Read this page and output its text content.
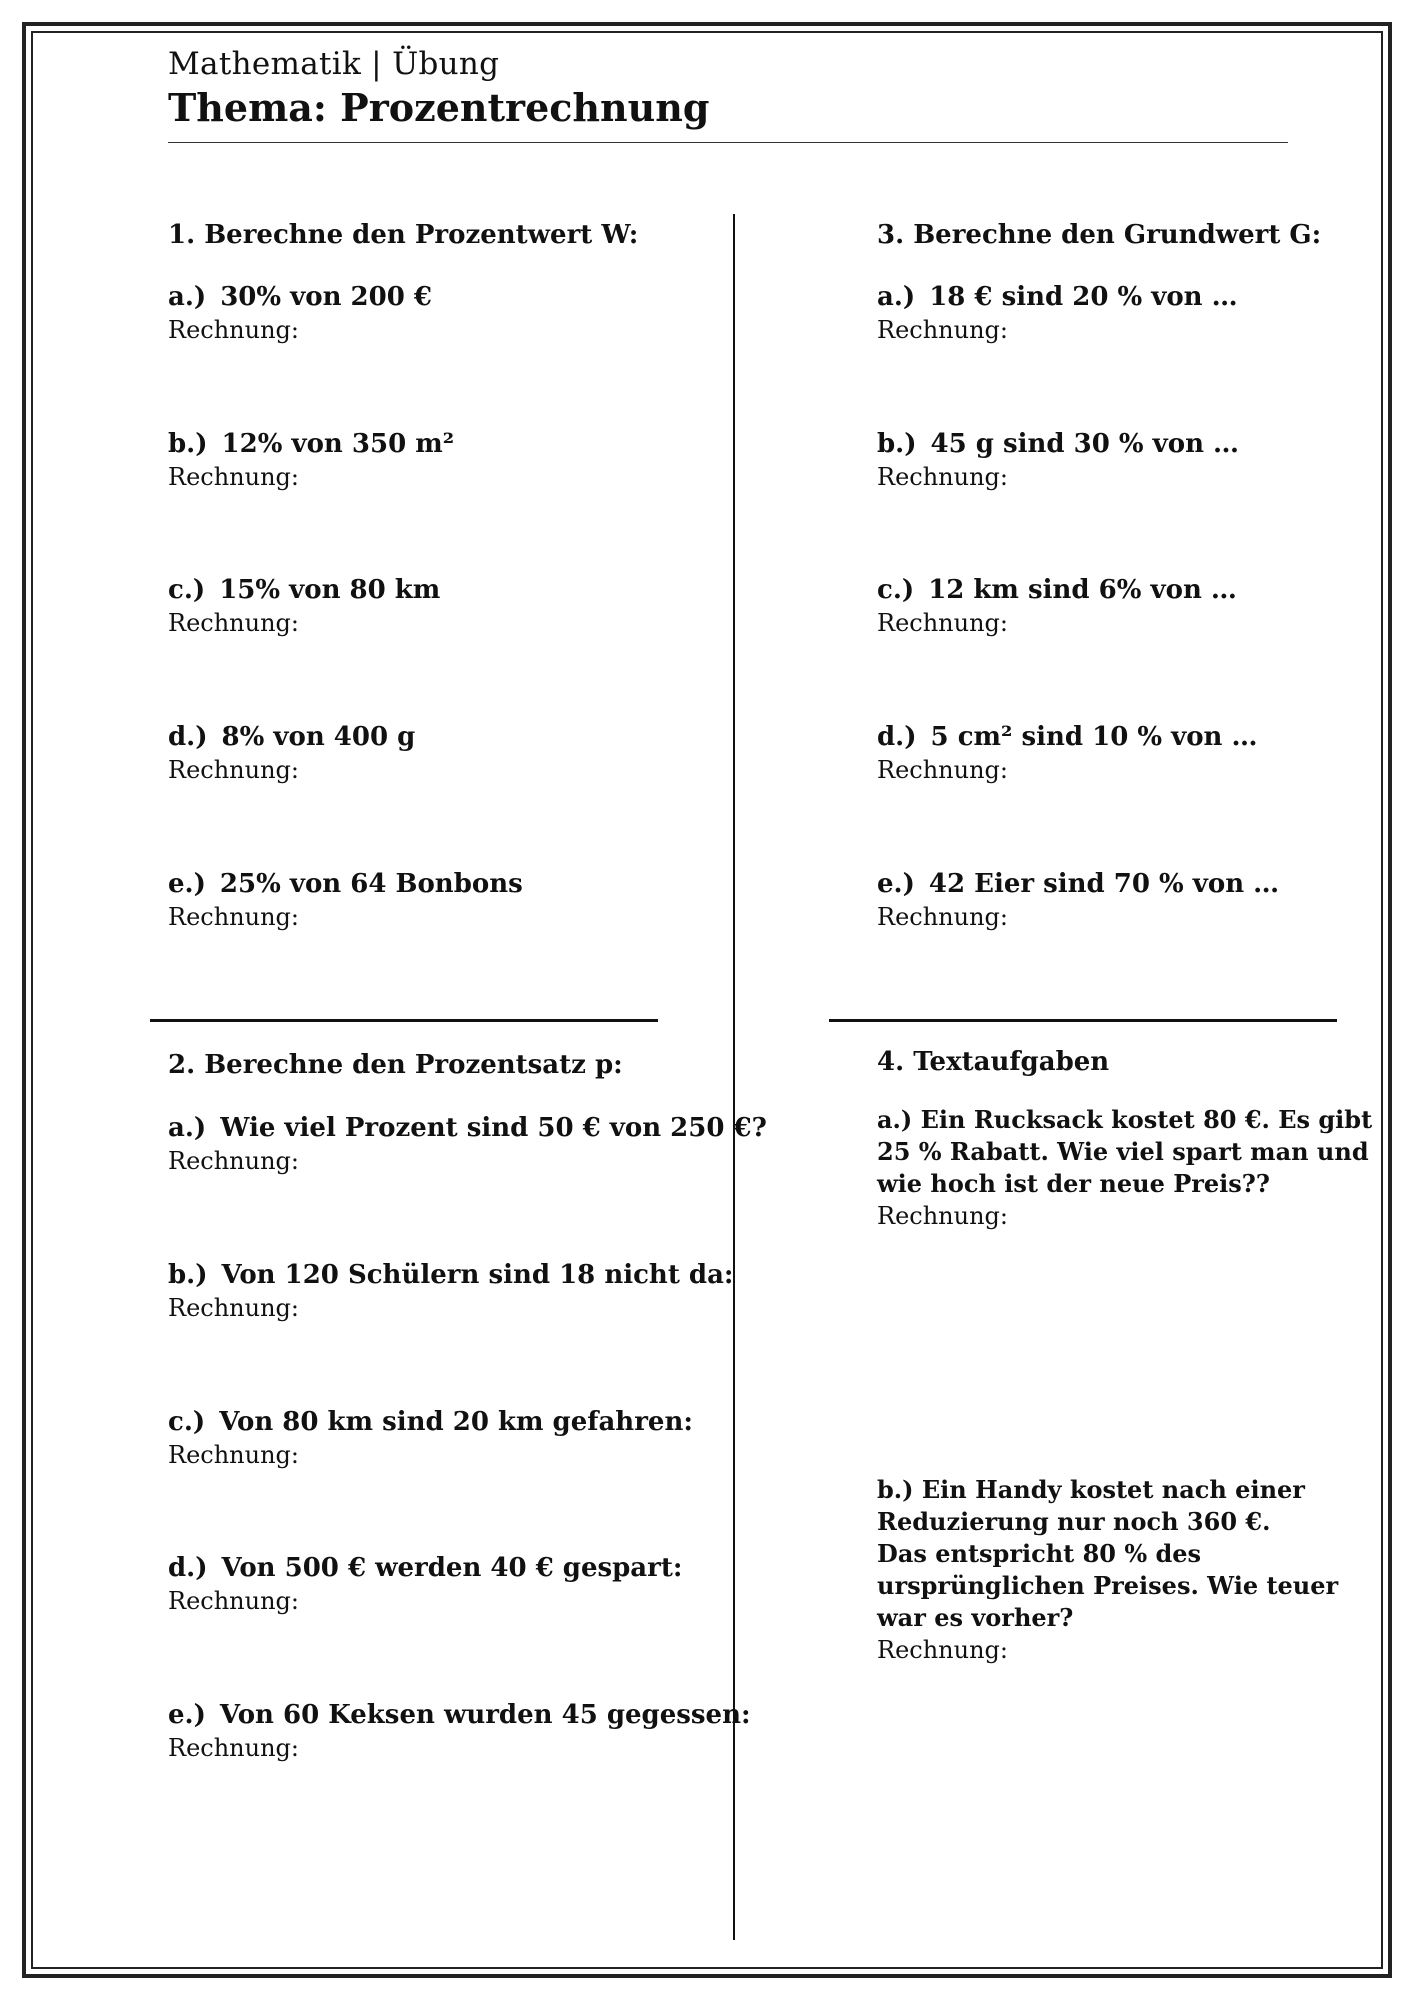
Mathematik | Übung
Thema: Prozentrechnung
1. Berechne den Prozentwert W:
a.) 30% von 200 €
Rechnung:
b.) 12% von 350 m²
Rechnung:
c.) 15% von 80 km
Rechnung:
d.) 8% von 400 g
Rechnung:
e.) 25% von 64 Bonbons
Rechnung:
2. Berechne den Prozentsatz p:
a.) Wie viel Prozent sind 50 € von 250 €?
Rechnung:
b.) Von 120 Schülern sind 18 nicht da:
Rechnung:
c.) Von 80 km sind 20 km gefahren:
Rechnung:
d.) Von 500 € werden 40 € gespart:
Rechnung:
e.) Von 60 Keksen wurden 45 gegessen:
Rechnung:
3. Berechne den Grundwert G:
a.) 18 € sind 20 % von …
Rechnung:
b.) 45 g sind 30 % von …
Rechnung:
c.) 12 km sind 6% von …
Rechnung:
d.) 5 cm² sind 10 % von …
Rechnung:
e.) 42 Eier sind 70 % von …
Rechnung:
4. Textaufgaben
a.) Ein Rucksack kostet 80 €. Es gibt
25 % Rabatt. Wie viel spart man und
wie hoch ist der neue Preis??
Rechnung:
b.) Ein Handy kostet nach einer
Reduzierung nur noch 360 €.
Das entspricht 80 % des
ursprünglichen Preises. Wie teuer
war es vorher?
Rechnung:
